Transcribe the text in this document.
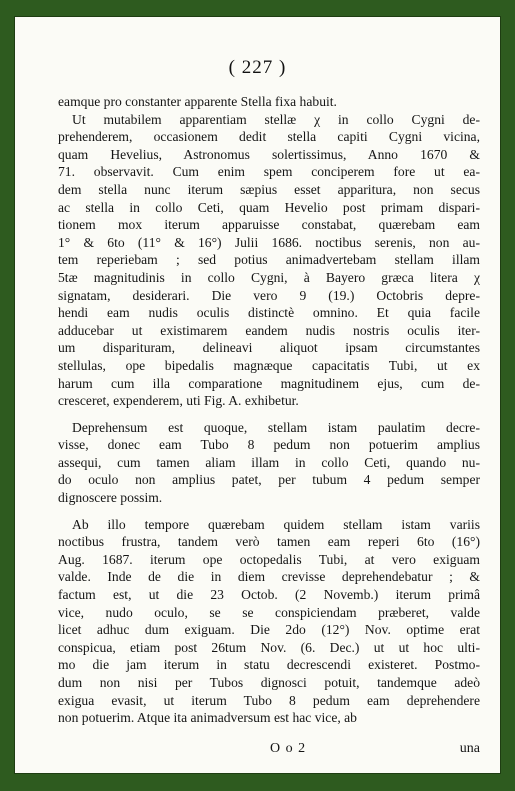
( 227 )
eamque pro constanter apparente Stella fixa habuit.
Ut mutabilem apparentiam stellæ χ in collo Cygni de-
prehenderem, occasionem dedit stella capiti Cygni vicina,
quam Hevelius, Astronomus solertissimus, Anno 1670 &
71. observavit. Cum enim spem conciperem fore ut ea-
dem stella nunc iterum sæpius esset apparitura, non secus
ac stella in collo Ceti, quam Hevelio post primam dispari-
tionem mox iterum apparuisse constabat, quærebam eam
1° & 6to (11° & 16°) Julii 1686. noctibus serenis, non au-
tem reperiebam ; sed potius animadvertebam stellam illam
5tæ magnitudinis in collo Cygni, à Bayero græca litera χ
signatam, desiderari. Die vero 9 (19.) Octobris depre-
hendi eam nudis oculis distinctè omnino. Et quia facile
adducebar ut existimarem eandem nudis nostris oculis iter-
um disparituram, delineavi aliquot ipsam circumstantes
stellulas, ope bipedalis magnæque capacitatis Tubi, ut ex
harum cum illa comparatione magnitudinem ejus, cum de-
cresceret, expenderem, uti Fig. A. exhibetur.
Deprehensum est quoque, stellam istam paulatim decre-
visse, donec eam Tubo 8 pedum non potuerim amplius
assequi, cum tamen aliam illam in collo Ceti, quando nu-
do oculo non amplius patet, per tubum 4 pedum semper
dignoscere possim.
Ab illo tempore quærebam quidem stellam istam variis
noctibus frustra, tandem verò tamen eam reperi 6to (16°)
Aug. 1687. iterum ope octopedalis Tubi, at vero exiguam
valde. Inde de die in diem crevisse deprehendebatur ; &
factum est, ut die 23 Octob. (2 Novemb.) iterum primâ
vice, nudo oculo, se se conspiciendam præberet, valde
licet adhuc dum exiguam. Die 2do (12°) Nov. optime erat
conspicua, etiam post 26tum Nov. (6. Dec.) ut ut hoc ulti-
mo die jam iterum in statu decrescendi existeret. Postmo-
dum non nisi per Tubos dignosci potuit, tandemque adeò
exigua evasit, ut iterum Tubo 8 pedum eam deprehendere
non potuerim. Atque ita animadversum est hac vice, ab
O o 2	una
